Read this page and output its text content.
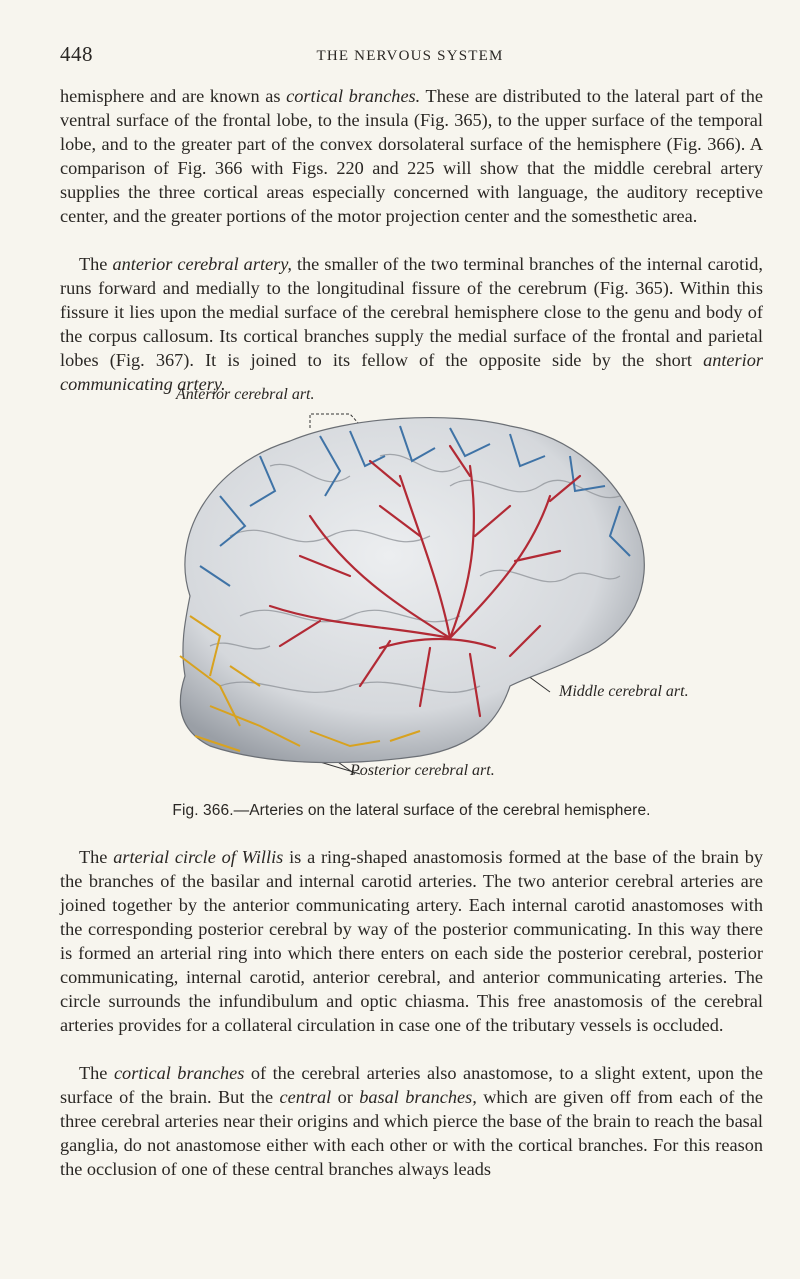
448	THE NERVOUS SYSTEM

hemisphere and are known as cortical branches. These are distributed to the lateral part of the ventral surface of the frontal lobe, to the insula (Fig. 365), to the upper surface of the temporal lobe, and to the greater part of the convex dorsolateral surface of the hemisphere (Fig. 366). A comparison of Fig. 366 with Figs. 220 and 225 will show that the middle cerebral artery supplies the three cortical areas especially concerned with language, the auditory receptive center, and the greater portions of the motor projection center and the somesthetic area.

The anterior cerebral artery, the smaller of the two terminal branches of the internal carotid, runs forward and medially to the longitudinal fissure of the cerebrum (Fig. 365). Within this fissure it lies upon the medial surface of the cerebral hemisphere close to the genu and body of the corpus callosum. Its cortical branches supply the medial surface of the frontal and parietal lobes (Fig. 367). It is joined to its fellow of the opposite side by the short anterior communicating artery.

Anterior cerebral art.
Middle cerebral art.
Posterior cerebral art.
Fig. 366.—Arteries on the lateral surface of the cerebral hemisphere.

The arterial circle of Willis is a ring-shaped anastomosis formed at the base of the brain by the branches of the basilar and internal carotid arteries. The two anterior cerebral arteries are joined together by the anterior communicating artery. Each internal carotid anastomoses with the corresponding posterior cerebral by way of the posterior communicating. In this way there is formed an arterial ring into which there enters on each side the posterior cerebral, posterior communicating, internal carotid, anterior cerebral, and anterior communicating arteries. The circle surrounds the infundibulum and optic chiasma. This free anastomosis of the cerebral arteries provides for a collateral circulation in case one of the tributary vessels is occluded.

The cortical branches of the cerebral arteries also anastomose, to a slight extent, upon the surface of the brain. But the central or basal branches, which are given off from each of the three cerebral arteries near their origins and which pierce the base of the brain to reach the basal ganglia, do not anastomose either with each other or with the cortical branches. For this reason the occlusion of one of these central branches always leads
